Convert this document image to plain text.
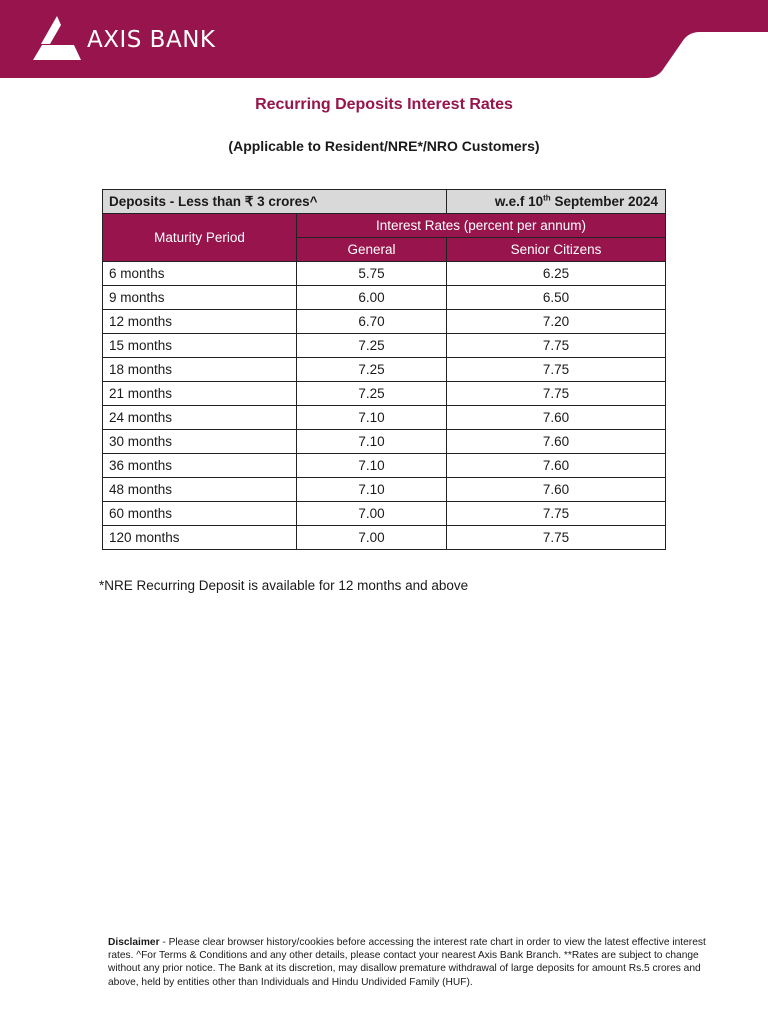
AXIS BANK
Recurring Deposits Interest Rates
(Applicable to Resident/NRE*/NRO Customers)
Deposits - Less than ₹ 3 crores^		w.e.f 10th September 2024
Maturity Period	Interest Rates (percent per annum)	
	General	Senior Citizens
6 months	5.75	6.25
9 months	6.00	6.50
12 months	6.70	7.20
15 months	7.25	7.75
18 months	7.25	7.75
21 months	7.25	7.75
24 months	7.10	7.60
30 months	7.10	7.60
36 months	7.10	7.60
48 months	7.10	7.60
60 months	7.00	7.75
120 months	7.00	7.75
*NRE Recurring Deposit is available for 12 months and above
Disclaimer - Please clear browser history/cookies before accessing the interest rate chart in order to view the latest effective interest rates. ^For Terms & Conditions and any other details, please contact your nearest Axis Bank Branch. **Rates are subject to change without any prior notice. The Bank at its discretion, may disallow premature withdrawal of large deposits for amount Rs.5 crores and above, held by entities other than Individuals and Hindu Undivided Family (HUF).
